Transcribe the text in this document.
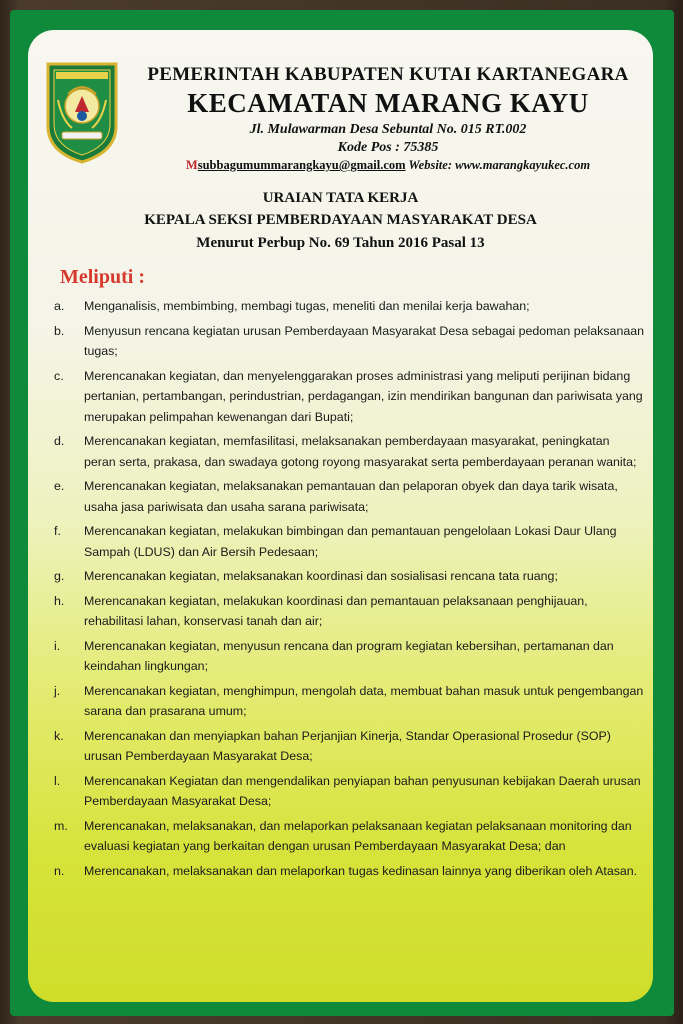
PEMERINTAH KABUPATEN KUTAI KARTANEGARA
KECAMATAN MARANG KAYU
Jl. Mulawarman Desa Sebuntal No. 015 RT.002
Kode Pos : 75385
Msubbagumummarangkayu@gmail.com Website: www.marangkayukec.com
URAIAN TATA KERJA
KEPALA SEKSI PEMBERDAYAAN MASYARAKAT DESA
Menurut Perbup No. 69 Tahun 2016 Pasal 13
Meliputi :
a. Menganalisis, membimbing, membagi tugas, meneliti dan menilai kerja bawahan;
b. Menyusun rencana kegiatan urusan Pemberdayaan Masyarakat Desa sebagai pedoman pelaksanaan tugas;
c. Merencanakan kegiatan, dan menyelenggarakan proses administrasi yang meliputi perijinan bidang pertanian, pertambangan, perindustrian, perdagangan, izin mendirikan bangunan dan pariwisata yang merupakan pelimpahan kewenangan dari Bupati;
d. Merencanakan kegiatan, memfasilitasi, melaksanakan pemberdayaan masyarakat, peningkatan peran serta, prakasa, dan swadaya gotong royong masyarakat serta pemberdayaan peranan wanita;
e. Merencanakan kegiatan, melaksanakan pemantauan dan pelaporan obyek dan daya tarik wisata, usaha jasa pariwisata dan usaha sarana pariwisata;
f. Merencanakan kegiatan, melakukan bimbingan dan pemantauan pengelolaan Lokasi Daur Ulang Sampah (LDUS) dan Air Bersih Pedesaan;
g. Merencanakan kegiatan, melaksanakan koordinasi dan sosialisasi rencana tata ruang;
h. Merencanakan kegiatan, melakukan koordinasi dan pemantauan pelaksanaan penghijauan, rehabilitasi lahan, konservasi tanah dan air;
i. Merencanakan kegiatan, menyusun rencana dan program kegiatan kebersihan, pertamanan dan keindahan lingkungan;
j. Merencanakan kegiatan, menghimpun, mengolah data, membuat bahan masuk untuk pengembangan sarana dan prasarana umum;
k. Merencanakan dan menyiapkan bahan Perjanjian Kinerja, Standar Operasional Prosedur (SOP) urusan Pemberdayaan Masyarakat Desa;
l. Merencanakan Kegiatan dan mengendalikan penyiapan bahan penyusunan kebijakan Daerah urusan Pemberdayaan Masyarakat Desa;
m. Merencanakan, melaksanakan, dan melaporkan pelaksanaan kegiatan pelaksanaan monitoring dan evaluasi kegiatan yang berkaitan dengan urusan Pemberdayaan Masyarakat Desa; dan
n. Merencanakan, melaksanakan dan melaporkan tugas kedinasan lainnya yang diberikan oleh Atasan.
